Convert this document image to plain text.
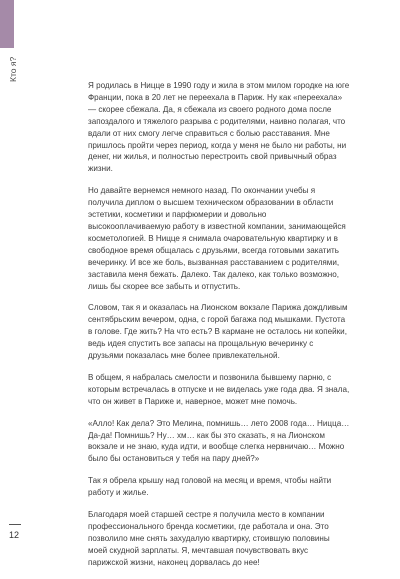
Кто я?

Я родилась в Ницце в 1990 году и жила в этом милом городке на юге Франции, пока в 20 лет не переехала в Париж. Ну как «переехала» — скорее сбежала. Да, я сбежала из своего родного дома после запоздалого и тяжелого разрыва с родителями, наивно полагая, что вдали от них смогу легче справиться с болью расставания. Мне пришлось пройти через период, когда у меня не было ни работы, ни денег, ни жилья, и полностью перестроить свой привычный образ жизни.

Но давайте вернемся немного назад. По окончании учебы я получила диплом о высшем техническом образовании в области эстетики, косметики и парфюмерии и довольно высокооплачиваемую работу в известной компании, занимающейся косметологией. В Ницце я снимала очаровательную квартирку и в свободное время общалась с друзьями, всегда готовыми закатить вечеринку. И все же боль, вызванная расставанием с родителями, заставила меня бежать. Далеко. Так далеко, как только возможно, лишь бы скорее все забыть и отпустить.

Словом, так я и оказалась на Лионском вокзале Парижа дождливым сентябрьским вечером, одна, с горой багажа под мышками. Пустота в голове. Где жить? На что есть? В кармане не осталось ни копейки, ведь идея спустить все запасы на прощальную вечеринку с друзьями показалась мне более привлекательной.

В общем, я набралась смелости и позвонила бывшему парню, с которым встречалась в отпуске и не виделась уже года два. Я знала, что он живет в Париже и, наверное, может мне помочь.

«Алло! Как дела? Это Мелина, помнишь… лето 2008 года… Ницца… Да-да! Помнишь? Ну… хм… как бы это сказать, я на Лионском вокзале и не знаю, куда идти, и вообще слегка нервничаю… Можно было бы остановиться у тебя на пару дней?»

Так я обрела крышу над головой на месяц и время, чтобы найти работу и жилье.

Благодаря моей старшей сестре я получила место в компании профессионального бренда косметики, где работала и она. Это позволило мне снять захудалую квартирку, стоившую половины моей скудной зарплаты. Я, мечтавшая почувствовать вкус парижской жизни, наконец дорвалась до нее!

12
